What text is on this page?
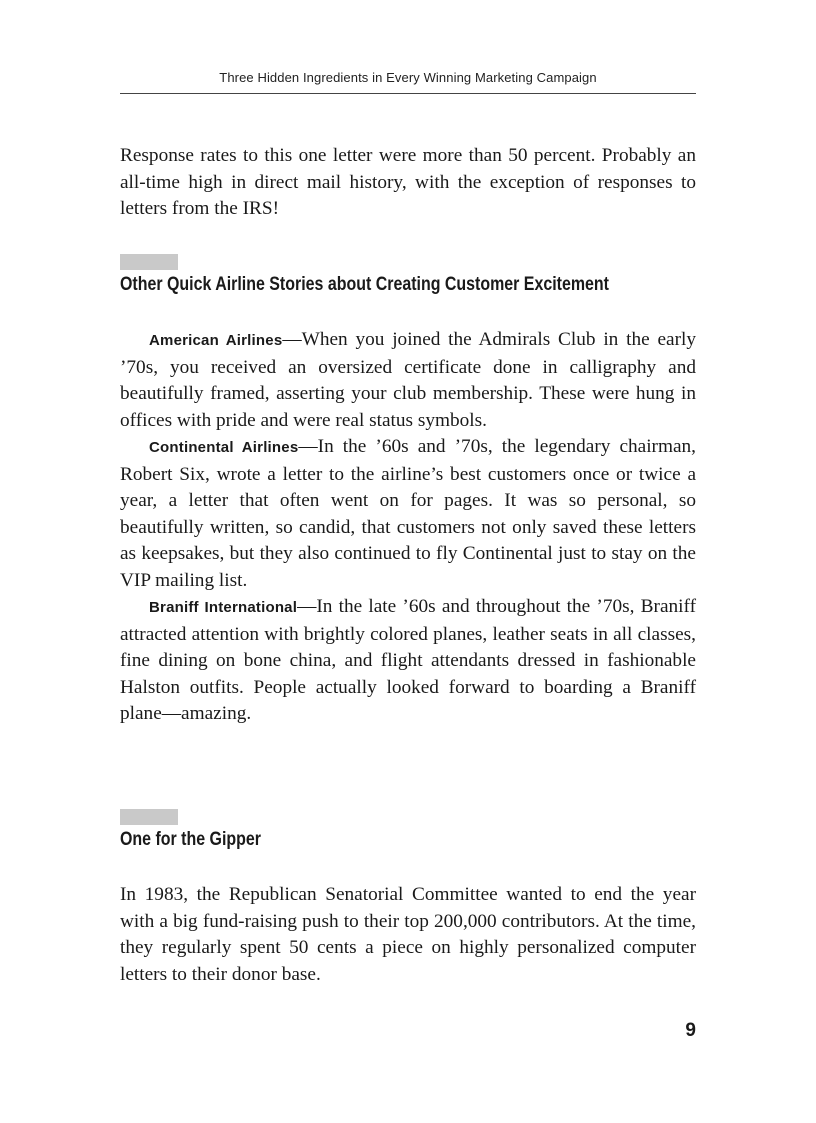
Three Hidden Ingredients in Every Winning Marketing Campaign

Response rates to this one letter were more than 50 percent. Probably an all-time high in direct mail history, with the exception of responses to letters from the IRS!

Other Quick Airline Stories about Creating Customer Excitement

American Airlines—When you joined the Admirals Club in the early ’70s, you received an oversized certificate done in calligraphy and beautifully framed, asserting your club membership. These were hung in offices with pride and were real status symbols.

Continental Airlines—In the ’60s and ’70s, the legendary chairman, Robert Six, wrote a letter to the airline’s best customers once or twice a year, a letter that often went on for pages. It was so personal, so beautifully written, so candid, that customers not only saved these letters as keepsakes, but they also continued to fly Continental just to stay on the VIP mailing list.

Braniff International—In the late ’60s and throughout the ’70s, Braniff attracted attention with brightly colored planes, leather seats in all classes, fine dining on bone china, and flight attendants dressed in fashionable Halston outfits. People actually looked forward to boarding a Braniff plane—amazing.

One for the Gipper

In 1983, the Republican Senatorial Committee wanted to end the year with a big fund-raising push to their top 200,000 contributors. At the time, they regularly spent 50 cents a piece on highly personalized computer letters to their donor base.

9
